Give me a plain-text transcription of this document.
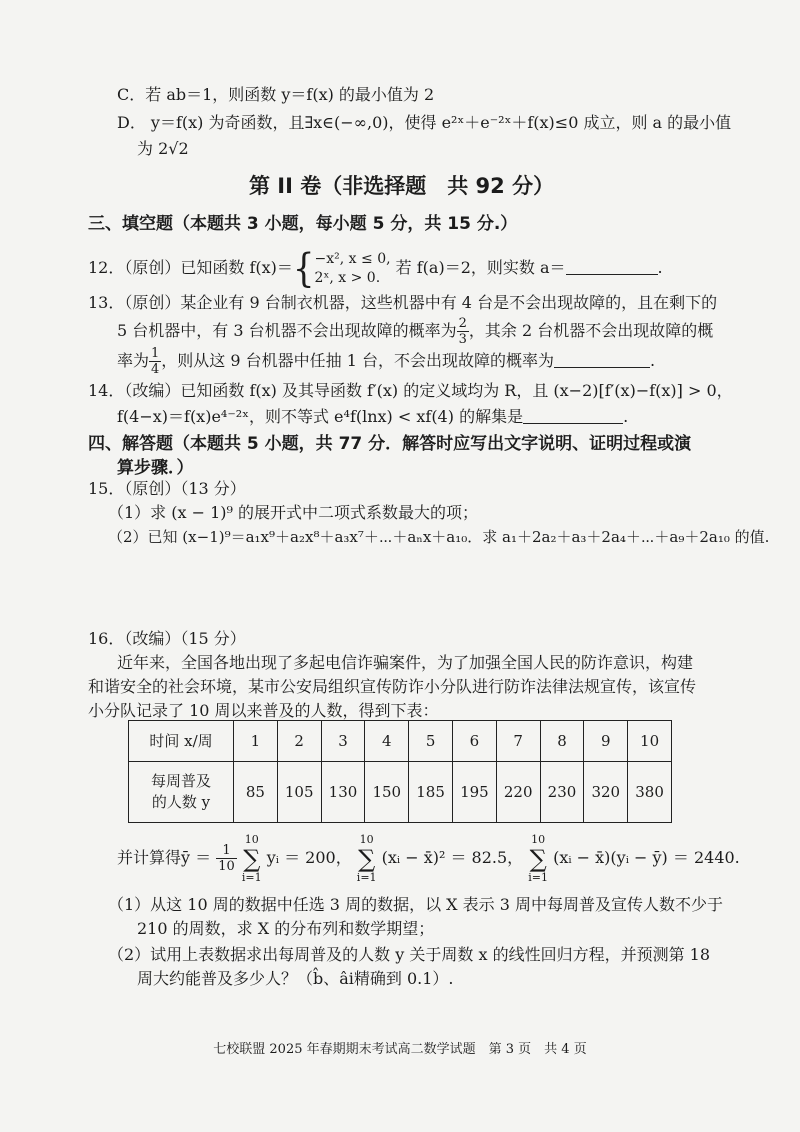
C．若 ab＝1，则函数 y＝f(x) 的最小值为 2
D． y＝f(x) 为奇函数，且∃x∈(−∞,0)，使得 e²ˣ＋e⁻²ˣ＋f(x)≤0 成立，则 a 的最小值
为 2√2
第 II 卷（非选择题　共 92 分）
三、填空题（本题共 3 小题，每小题 5 分，共 15 分.）
12．（原创）已知函数 f(x)＝{ −x², x ≤ 0,
2ˣ, x > 0.
若 f(a)＝2，则实数 a＝	.
13．（原创）某企业有 9 台制衣机器，这些机器中有 4 台是不会出现故障的，且在剩下的
5 台机器中，有 3 台机器不会出现故障的概率为 $\frac{2}{3}$ ，其余 2 台机器不会出现故障的概
率为 $\frac{1}{4}$ ，则从这 9 台机器中任抽 1 台，不会出现故障的概率为	.
14．（改编）已知函数 f(x) 及其导函数 f′(x) 的定义域均为 R，且 (x−2)[f′(x)−f(x)] > 0，
f(4−x)＝f(x)e⁴⁻²ˣ，则不等式 e⁴f(lnx) < xf(4) 的解集是	.
四、解答题（本题共 5 小题，共 77 分．解答时应写出文字说明、证明过程或演
算步骤．）
15．（原创）（13 分）
（1）求 (x − 1)⁹ 的展开式中二项式系数最大的项；
（2）已知 (x−1)⁹＝a₁x⁹＋a₂x⁸＋a₃x⁷＋⋯＋aₙx＋a₁₀．求 a₁＋2a₂＋a₃＋2a₄＋⋯＋a₉＋2a₁₀ 的值.
16．（改编）（15 分）
近年来，全国各地出现了多起电信诈骗案件，为了加强全国人民的防诈意识，构建
和谐安全的社会环境，某市公安局组织宣传防诈小分队进行防诈法律法规宣传，该宣传
小分队记录了 10 周以来普及的人数，得到下表：
时间 x/周	1	2	3	4	5	6	7	8	9	10

每周普及
的人数 y	85	105	130	150	185	195	220	230	320	380
并计算得ȳ ＝ $\frac{1}{10}$
10
∑
i=1 yᵢ ＝ 200， 10
∑
i=1 (xᵢ − x̄)² ＝ 82.5， 10
∑
i=1 (xᵢ − x̄)(yᵢ − ȳ) ＝ 2440.
（1）从这 10 周的数据中任选 3 周的数据，以 X 表示 3 周中每周普及宣传人数不少于
210 的周数，求 X 的分布列和数学期望；
（2）试用上表数据求出每周普及的人数 y 关于周数 x 的线性回归方程，并预测第 18
周大约能普及多少人？（b̂、âi精确到 0.1）.
七校联盟 2025 年春期期末考试高二数学试题　第 3 页　共 4 页
